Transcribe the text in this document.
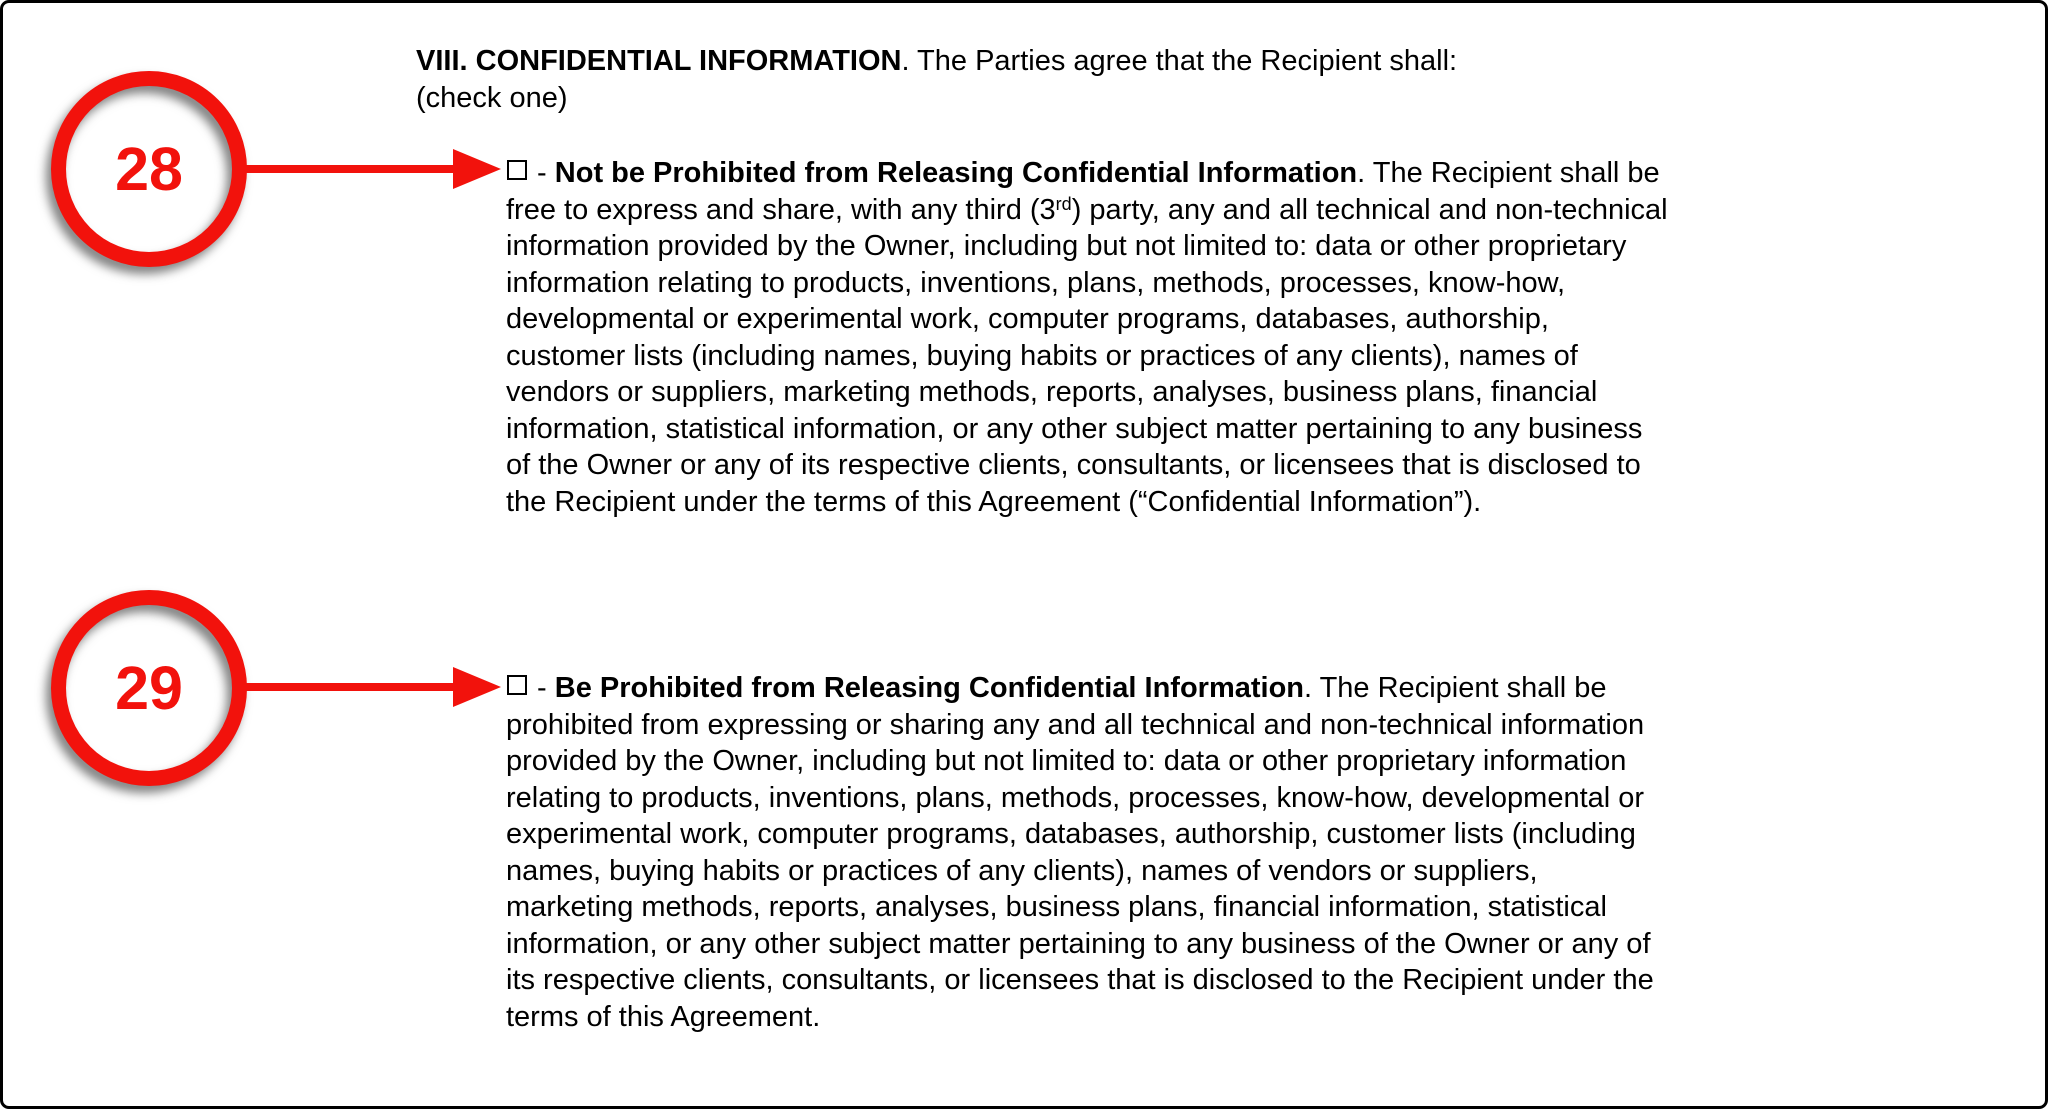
VIII. CONFIDENTIAL INFORMATION. The Parties agree that the Recipient shall:
(check one)
- Not be Prohibited from Releasing Confidential Information. The Recipient shall be free to express and share, with any third (3rd) party, any and all technical and non-technical information provided by the Owner, including but not limited to: data or other proprietary information relating to products, inventions, plans, methods, processes, know-how, developmental or experimental work, computer programs, databases, authorship, customer lists (including names, buying habits or practices of any clients), names of vendors or suppliers, marketing methods, reports, analyses, business plans, financial information, statistical information, or any other subject matter pertaining to any business of the Owner or any of its respective clients, consultants, or licensees that is disclosed to the Recipient under the terms of this Agreement (“Confidential Information”).
- Be Prohibited from Releasing Confidential Information. The Recipient shall be prohibited from expressing or sharing any and all technical and non-technical information provided by the Owner, including but not limited to: data or other proprietary information relating to products, inventions, plans, methods, processes, know-how, developmental or experimental work, computer programs, databases, authorship, customer lists (including names, buying habits or practices of any clients), names of vendors or suppliers, marketing methods, reports, analyses, business plans, financial information, statistical information, or any other subject matter pertaining to any business of the Owner or any of its respective clients, consultants, or licensees that is disclosed to the Recipient under the terms of this Agreement.
28
29
